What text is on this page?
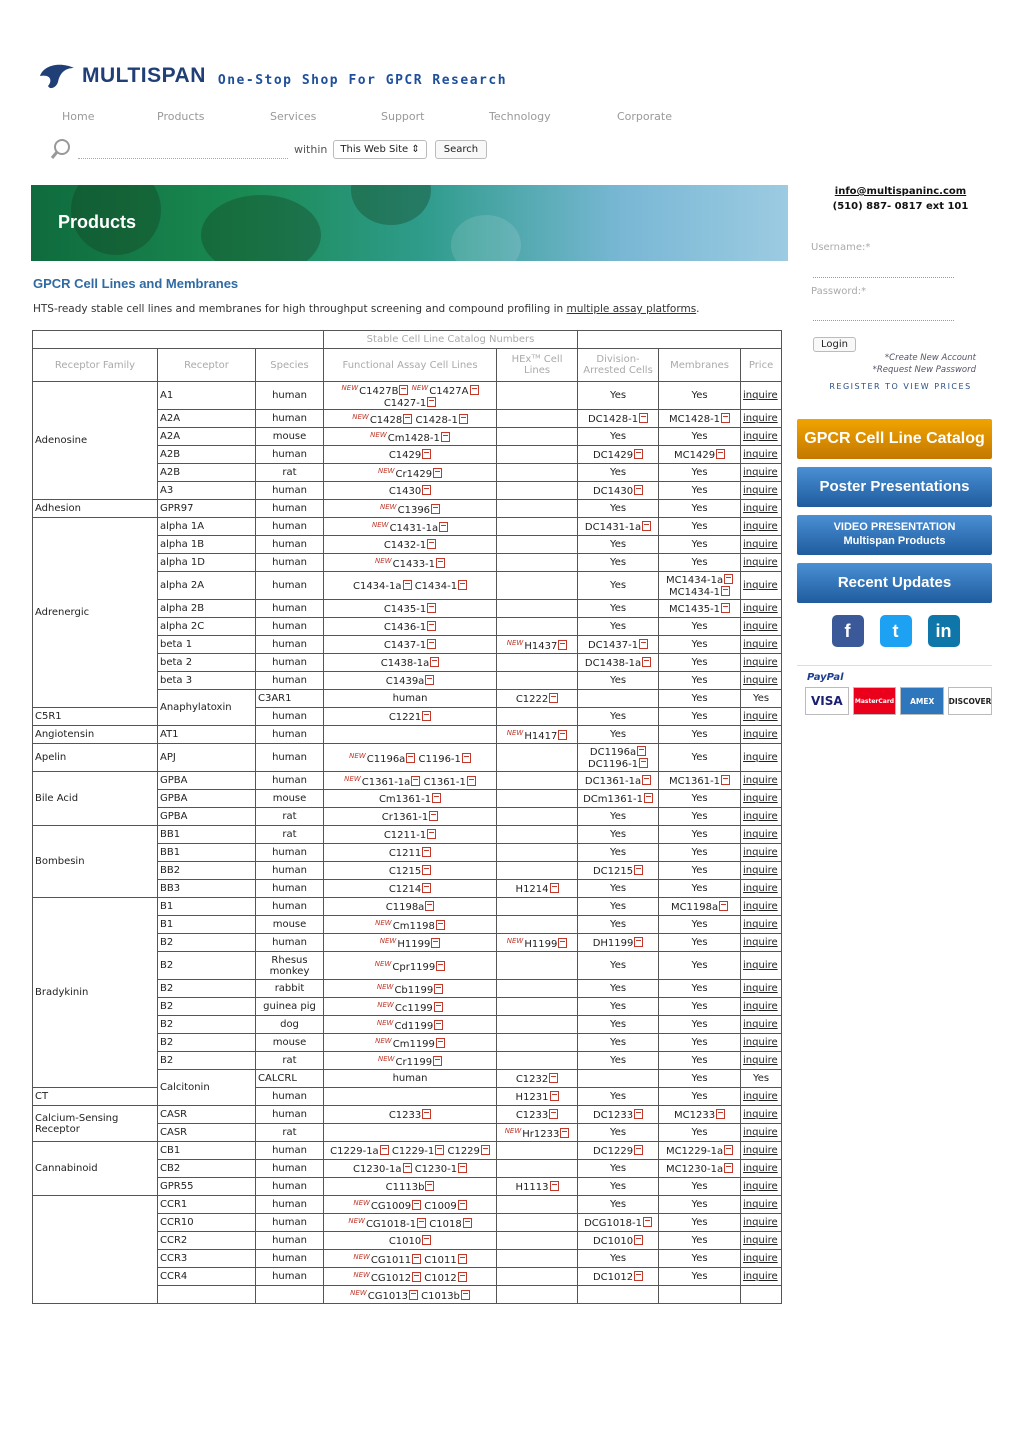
MULTISPAN One-Stop Shop For GPCR Research
Home	Products	Services	Support	Technology	Corporate
within	This Web Site ⇕	Search
Products
GPCR Cell Lines and Membranes
HTS-ready stable cell lines and membranes for high throughput screening and compound profiling in multiple assay platforms.
			Stable Cell Line Catalog Numbers					
Receptor Family	Receptor	Species	Functional Assay Cell Lines	HExᵀᴹ Cell Lines	Division-Arrested Cells	Membranes	Price	
Adenosine	A1	human	$^{NEW}$C1427B $^{NEW}$C1427A C1427-1		Yes	Yes	inquire	
	A2A	human	$^{NEW}$C1428 C1428-1		DC1428-1	MC1428-1	inquire	
	A2A	mouse	$^{NEW}$Cm1428-1		Yes	Yes	inquire	
	A2B	human	C1429		DC1429	MC1429	inquire	
	A2B	rat	$^{NEW}$Cr1429		Yes	Yes	inquire	
	A3	human	C1430		DC1430	Yes	inquire	
Adhesion	GPR97	human	$^{NEW}$C1396		Yes	Yes	inquire	
Adrenergic	alpha 1A	human	$^{NEW}$C1431-1a		DC1431-1a	Yes	inquire	
	alpha 1B	human	C1432-1		Yes	Yes	inquire	
	alpha 1D	human	$^{NEW}$C1433-1		Yes	Yes	inquire	
	alpha 2A	human	C1434-1a C1434-1		Yes	MC1434-1a MC1434-1	inquire	
	alpha 2B	human	C1435-1		Yes	MC1435-1	inquire	
	alpha 2C	human	C1436-1		Yes	Yes	inquire	
	beta 1	human	C1437-1	$^{NEW}$H1437	DC1437-1	Yes	inquire	
	beta 2	human	C1438-1a		DC1438-1a	Yes	inquire	
	beta 3	human	C1439a		Yes	Yes	inquire	
	Anaphylatoxin	C3AR1	human	C1222		Yes	Yes	
C5R1		human	C1221		Yes	Yes	inquire	
Angiotensin	AT1	human		$^{NEW}$H1417	Yes	Yes	inquire	
Apelin	APJ	human	$^{NEW}$C1196a C1196-1		DC1196a DC1196-1	Yes	inquire	
Bile Acid	GPBA	human	$^{NEW}$C1361-1a C1361-1		DC1361-1a	MC1361-1	inquire	
	GPBA	mouse	Cm1361-1		DCm1361-1	Yes	inquire	
	GPBA	rat	Cr1361-1		Yes	Yes	inquire	
Bombesin	BB1	rat	C1211-1		Yes	Yes	inquire	
	BB1	human	C1211		Yes	Yes	inquire	
	BB2	human	C1215		DC1215	Yes	inquire	
	BB3	human	C1214	H1214	Yes	Yes	inquire	
Bradykinin	B1	human	C1198a		Yes	MC1198a	inquire	
	B1	mouse	$^{NEW}$Cm1198		Yes	Yes	inquire	
	B2	human	$^{NEW}$H1199	$^{NEW}$H1199	DH1199	Yes	inquire	
	B2	Rhesus monkey	$^{NEW}$Cpr1199		Yes	Yes	inquire	
	B2	rabbit	$^{NEW}$Cb1199		Yes	Yes	inquire	
	B2	guinea pig	$^{NEW}$Cc1199		Yes	Yes	inquire	
	B2	dog	$^{NEW}$Cd1199		Yes	Yes	inquire	
	B2	mouse	$^{NEW}$Cm1199		Yes	Yes	inquire	
	B2	rat	$^{NEW}$Cr1199		Yes	Yes	inquire	
	Calcitonin	CALCRL	human	C1232		Yes	Yes	
CT		human		H1231	Yes	Yes	inquire	
Calcium-Sensing Receptor	CASR	human	C1233	C1233	DC1233	MC1233	inquire	
	CASR	rat		$^{NEW}$Hr1233	Yes	Yes	inquire	
Cannabinoid	CB1	human	C1229-1a C1229-1 C1229		DC1229	MC1229-1a	inquire	
	CB2	human	C1230-1a C1230-1		Yes	MC1230-1a	inquire	
	GPR55	human	C1113b	H1113	Yes	Yes	inquire	
	CCR1	human	$^{NEW}$CG1009 C1009		Yes	Yes	inquire	
	CCR10	human	$^{NEW}$CG1018-1 C1018		DCG1018-1	Yes	inquire	
	CCR2	human	C1010		DC1010	Yes	inquire	
	CCR3	human	$^{NEW}$CG1011 C1011		Yes	Yes	inquire	
	CCR4	human	$^{NEW}$CG1012 C1012		DC1012	Yes	inquire	
			$^{NEW}$CG1013 C1013b					
info@multispaninc.com
(510) 887- 0817 ext 101
Username:*
Password:*
Login
*Create New Account
*Request New Password
REGISTER TO VIEW PRICES
GPCR Cell Line Catalog
Poster Presentations
VIDEO PRESENTATION
Multispan Products
Recent Updates
f	t	in
PayPal
VISA	MasterCard	AMEX	DISCOVER
